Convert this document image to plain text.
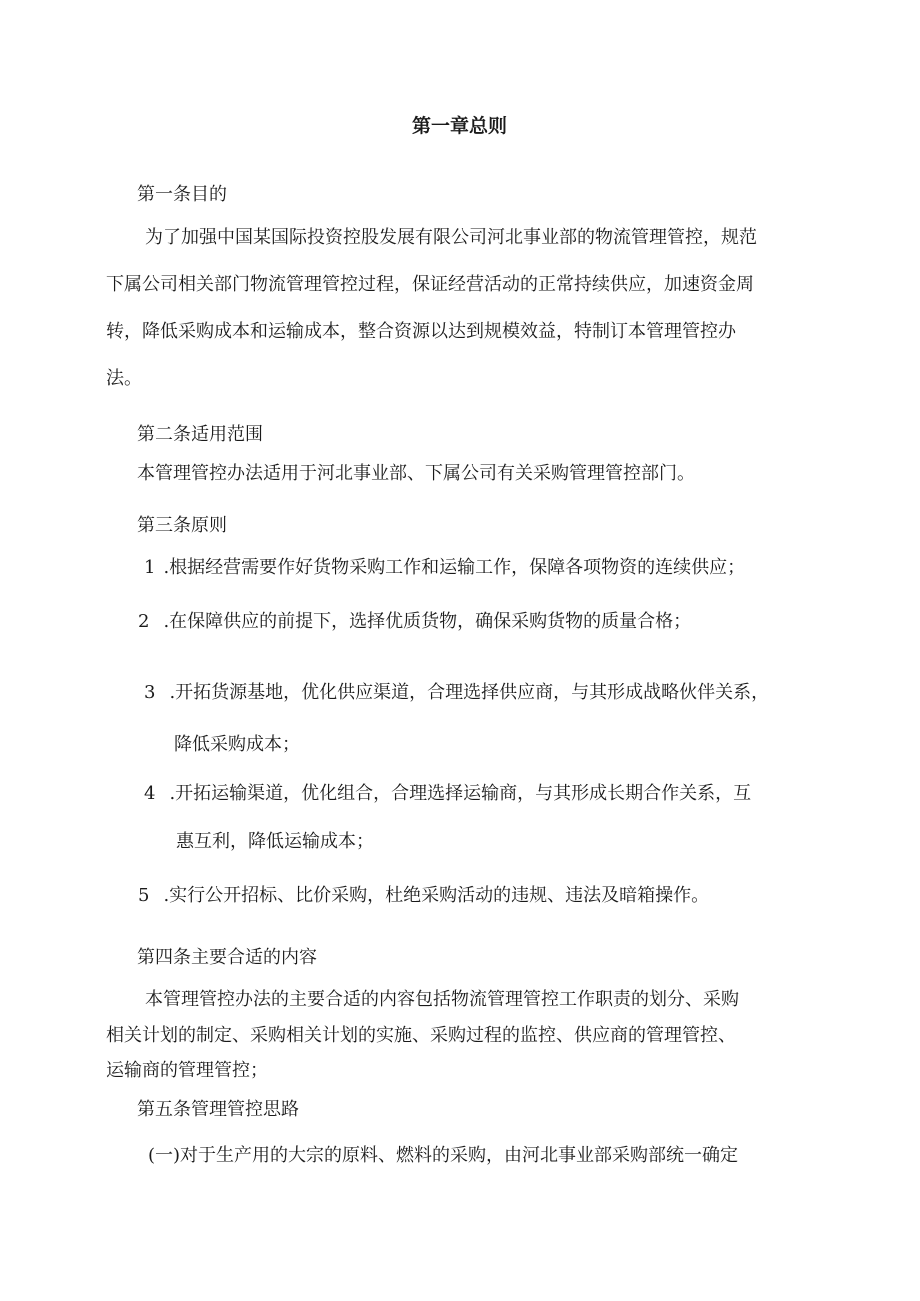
第一章总则
第一条目的
为了加强中国某国际投资控股发展有限公司河北事业部的物流管理管控，规范
下属公司相关部门物流管理管控过程，保证经营活动的正常持续供应，加速资金周
转，降低采购成本和运输成本，整合资源以达到规模效益，特制订本管理管控办
法。
第二条适用范围
本管理管控办法适用于河北事业部、下属公司有关采购管理管控部门。
第三条原则
1 .根据经营需要作好货物采购工作和运输工作，保障各项物资的连续供应；
2 .在保障供应的前提下，选择优质货物，确保采购货物的质量合格；
3 .开拓货源基地，优化供应渠道，合理选择供应商，与其形成战略伙伴关系，
降低采购成本；
4 .开拓运输渠道，优化组合，合理选择运输商，与其形成长期合作关系，互
惠互利，降低运输成本；
5 .实行公开招标、比价采购，杜绝采购活动的违规、违法及暗箱操作。
第四条主要合适的内容
本管理管控办法的主要合适的内容包括物流管理管控工作职责的划分、采购
相关计划的制定、采购相关计划的实施、采购过程的监控、供应商的管理管控、
运输商的管理管控；
第五条管理管控思路
(一)对于生产用的大宗的原料、燃料的采购，由河北事业部采购部统一确定
